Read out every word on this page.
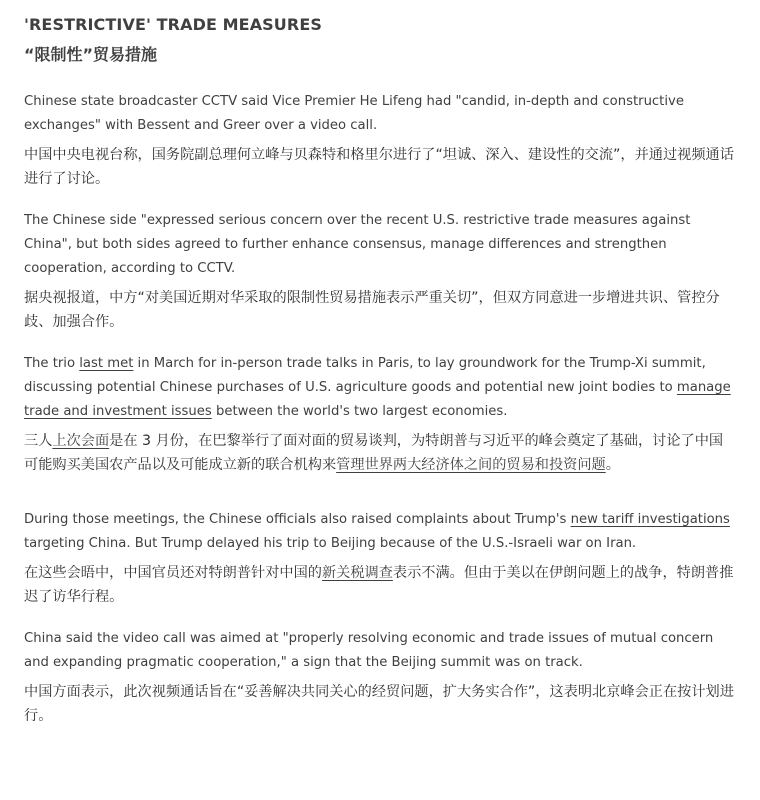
'RESTRICTIVE' TRADE MEASURES
“限制性”贸易措施

Chinese state broadcaster CCTV said Vice Premier He Lifeng had "candid, in-depth and constructive exchanges" with Bessent and Greer over a video call.

中国中央电视台称，国务院副总理何立峰与贝森特和格里尔进行了“坦诚、深入、建设性的交流”，并通过视频通话进行了讨论。

The Chinese side "expressed serious concern over the recent U.S. restrictive trade measures against China", but both sides agreed to further enhance consensus, manage differences and strengthen cooperation, according to CCTV.

据央视报道，中方“对美国近期对华采取的限制性贸易措施表示严重关切”，但双方同意进一步增进共识、管控分歧、加强合作。

The trio last met in March for in-person trade talks in Paris, to lay groundwork for the Trump-Xi summit, discussing potential Chinese purchases of U.S. agriculture goods and potential new joint bodies to manage trade and investment issues between the world's two largest economies.

三人上次会面是在 3 月份，在巴黎举行了面对面的贸易谈判，为特朗普与习近平的峰会奠定了基础，讨论了中国可能购买美国农产品以及可能成立新的联合机构来管理世界两大经济体之间的贸易和投资问题。

During those meetings, the Chinese officials also raised complaints about Trump's new tariff investigations targeting China. But Trump delayed his trip to Beijing because of the U.S.-Israeli war on Iran.

在这些会晤中，中国官员还对特朗普针对中国的新关税调查表示不满。但由于美以在伊朗问题上的战争，特朗普推迟了访华行程。

China said the video call was aimed at "properly resolving economic and trade issues of mutual concern and expanding pragmatic cooperation," a sign that the Beijing summit was on track.

中国方面表示，此次视频通话旨在“妥善解决共同关心的经贸问题，扩大务实合作”，这表明北京峰会正在按计划进行。
